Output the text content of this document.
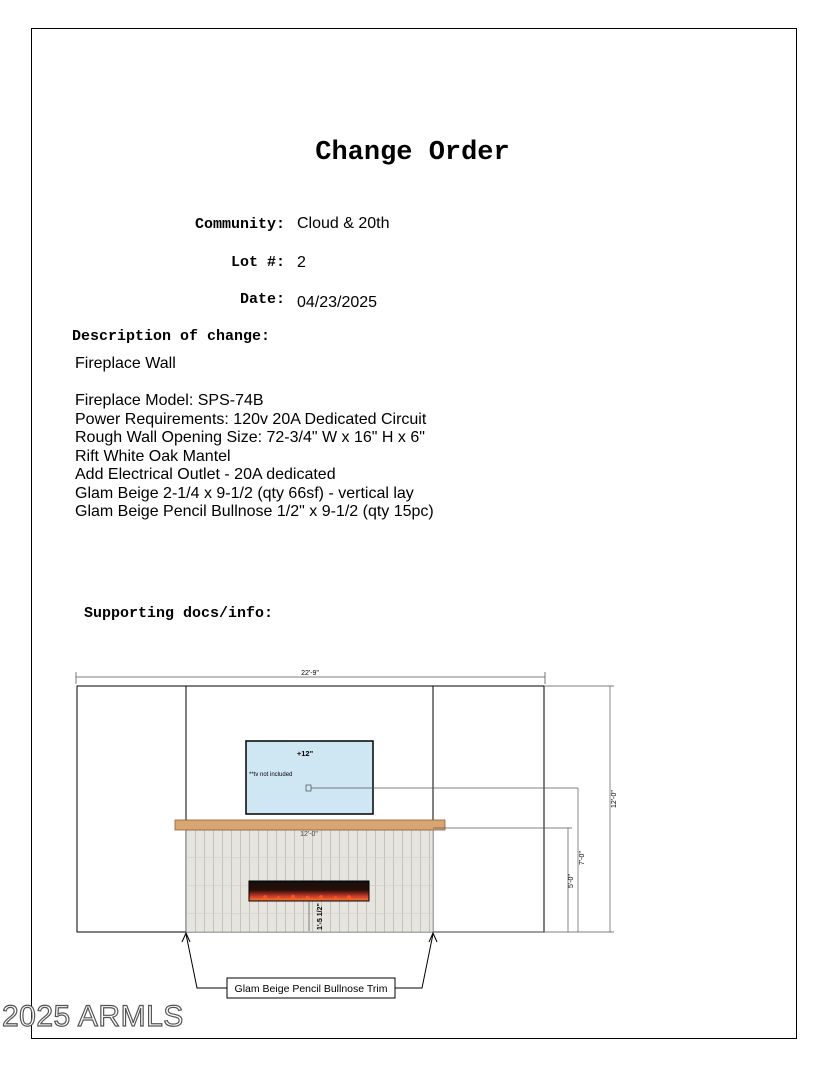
Change Order
Community: Cloud & 20th
Lot #: 2
Date: 04/23/2025
Description of change:
Fireplace Wall
Fireplace Model: SPS-74B
Power Requirements: 120v 20A Dedicated Circuit
Rough Wall Opening Size: 72-3/4" W x 16" H x 6"
Rift White Oak Mantel
Add Electrical Outlet - 20A dedicated
Glam Beige 2-1/4 x 9-1/2 (qty 66sf) - vertical lay
Glam Beige Pencil Bullnose 1/2" x 9-1/2 (qty 15pc)
Supporting docs/info:
22'-9"
12'-0"
+12"
**tv not included
1'-5 1/2"
12'-0"
7'-0"
5'-0"
Glam Beige Pencil Bullnose Trim
2025 ARMLS
